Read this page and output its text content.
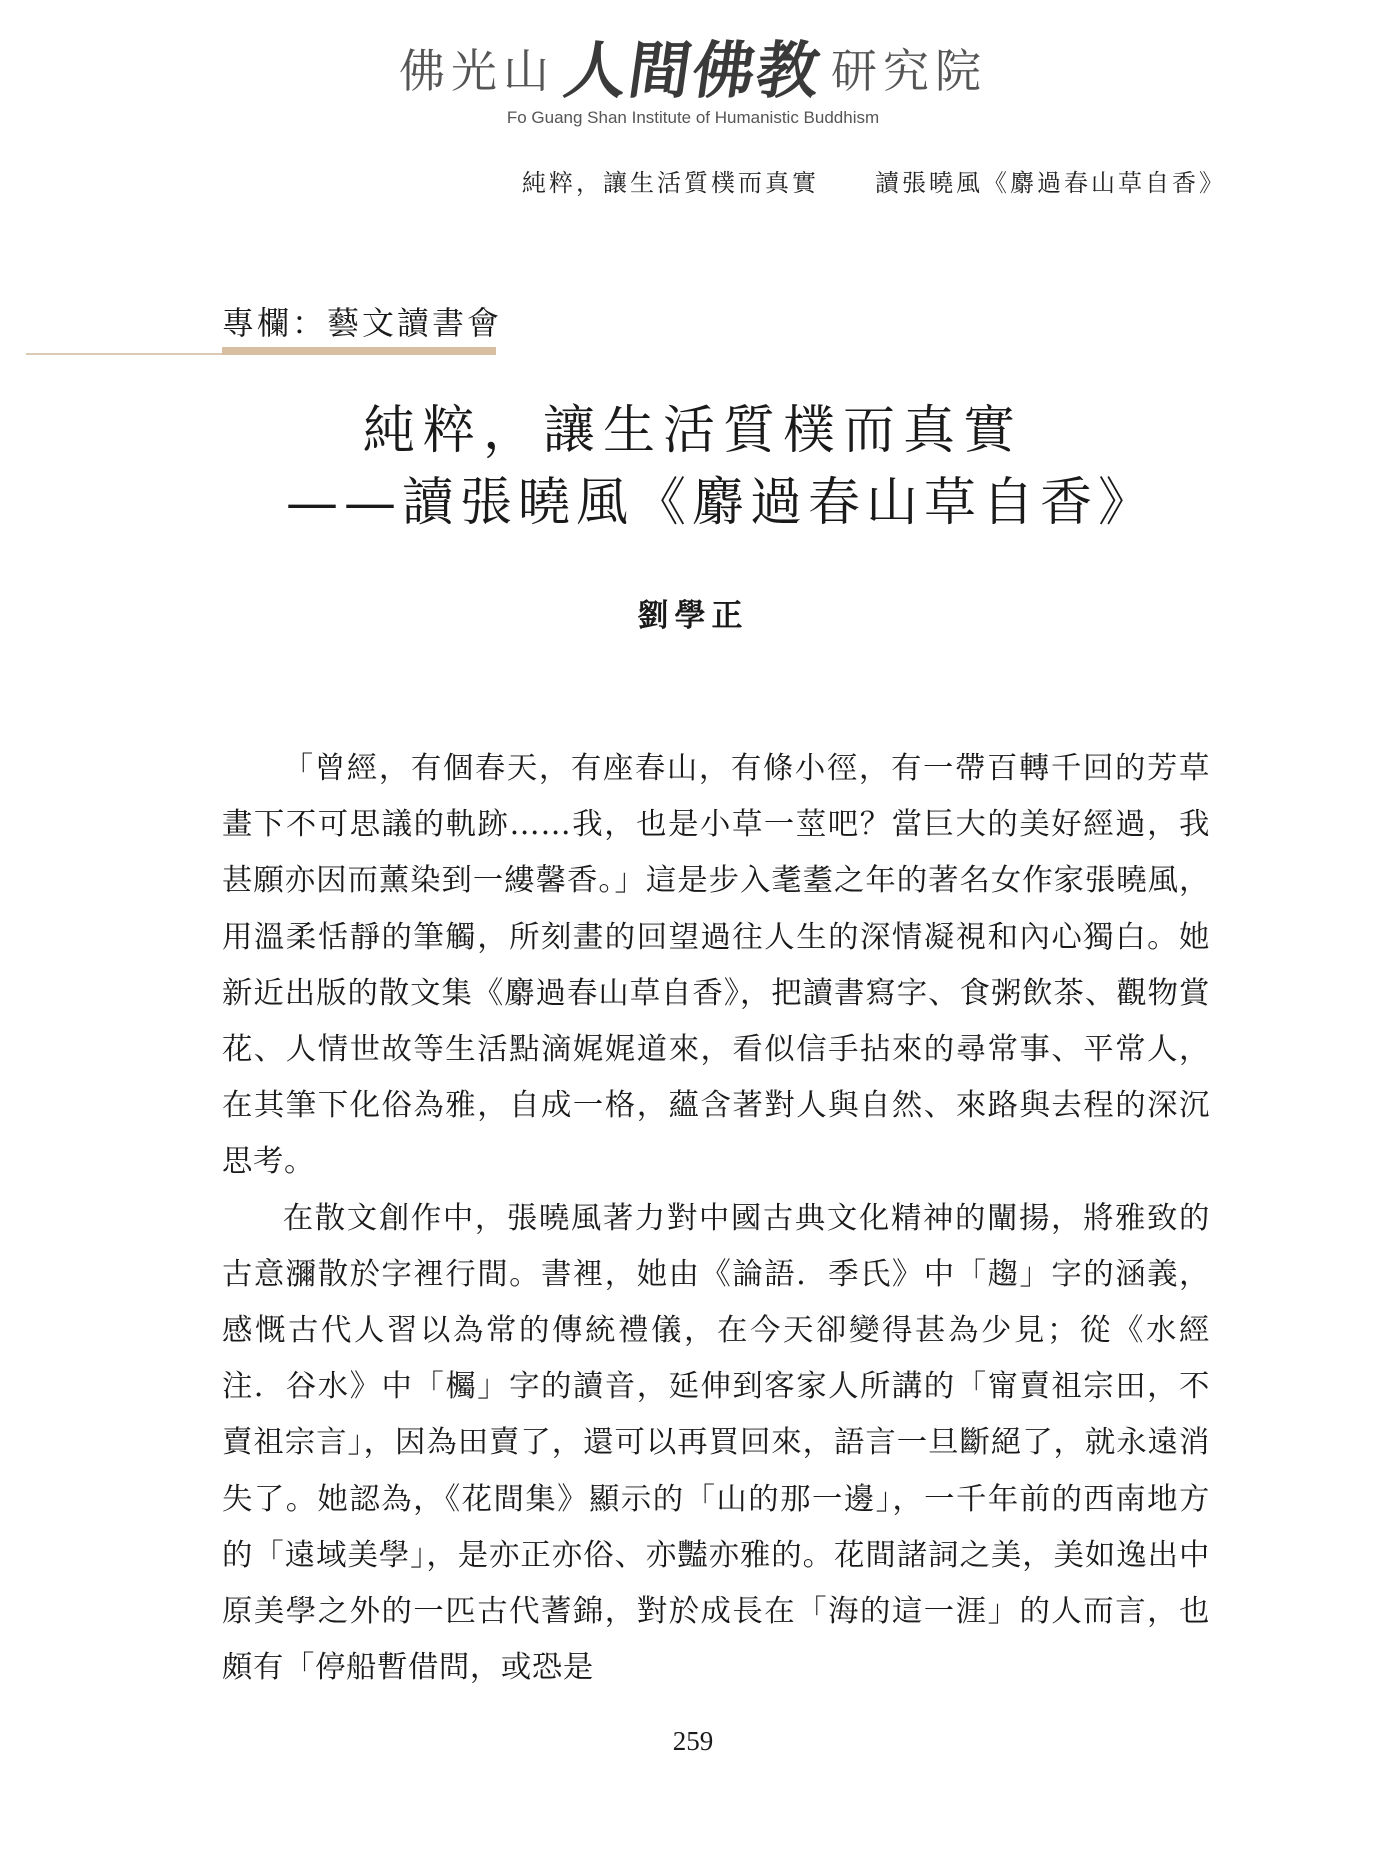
佛光山 人間佛教 研究院
Fo Guang Shan Institute of Humanistic Buddhism
純粹，讓生活質樸而真實 讀張曉風《麝過春山草自香》
專欄：藝文讀書會
純粹，讓生活質樸而真實
——讀張曉風《麝過春山草自香》
劉學正

「曾經，有個春天，有座春山，有條小徑，有一帶百轉千回的芳草畫下不可思議的軌跡……我，也是小草一莖吧？當巨大的美好經過，我甚願亦因而薰染到一縷馨香。」這是步入耄耋之年的著名女作家張曉風，用溫柔恬靜的筆觸，所刻畫的回望過往人生的深情凝視和內心獨白。她新近出版的散文集《麝過春山草自香》，把讀書寫字、食粥飲茶、觀物賞花、人情世故等生活點滴娓娓道來，看似信手拈來的尋常事、平常人，在其筆下化俗為雅，自成一格，蘊含著對人與自然、來路與去程的深沉思考。

在散文創作中，張曉風著力對中國古典文化精神的闡揚，將雅致的古意瀰散於字裡行間。書裡，她由《論語．季氏》中「趨」字的涵義，感慨古代人習以為常的傳統禮儀，在今天卻變得甚為少見；從《水經注．谷水》中「欘」字的讀音，延伸到客家人所講的「甯賣祖宗田，不賣祖宗言」，因為田賣了，還可以再買回來，語言一旦斷絕了，就永遠消失了。她認為，《花間集》顯示的「山的那一邊」，一千年前的西南地方的「遠域美學」，是亦正亦俗、亦豔亦雅的。花間諸詞之美，美如逸出中原美學之外的一匹古代蓍錦，對於成長在「海的這一涯」的人而言，也頗有「停船暫借問，或恐是

259
